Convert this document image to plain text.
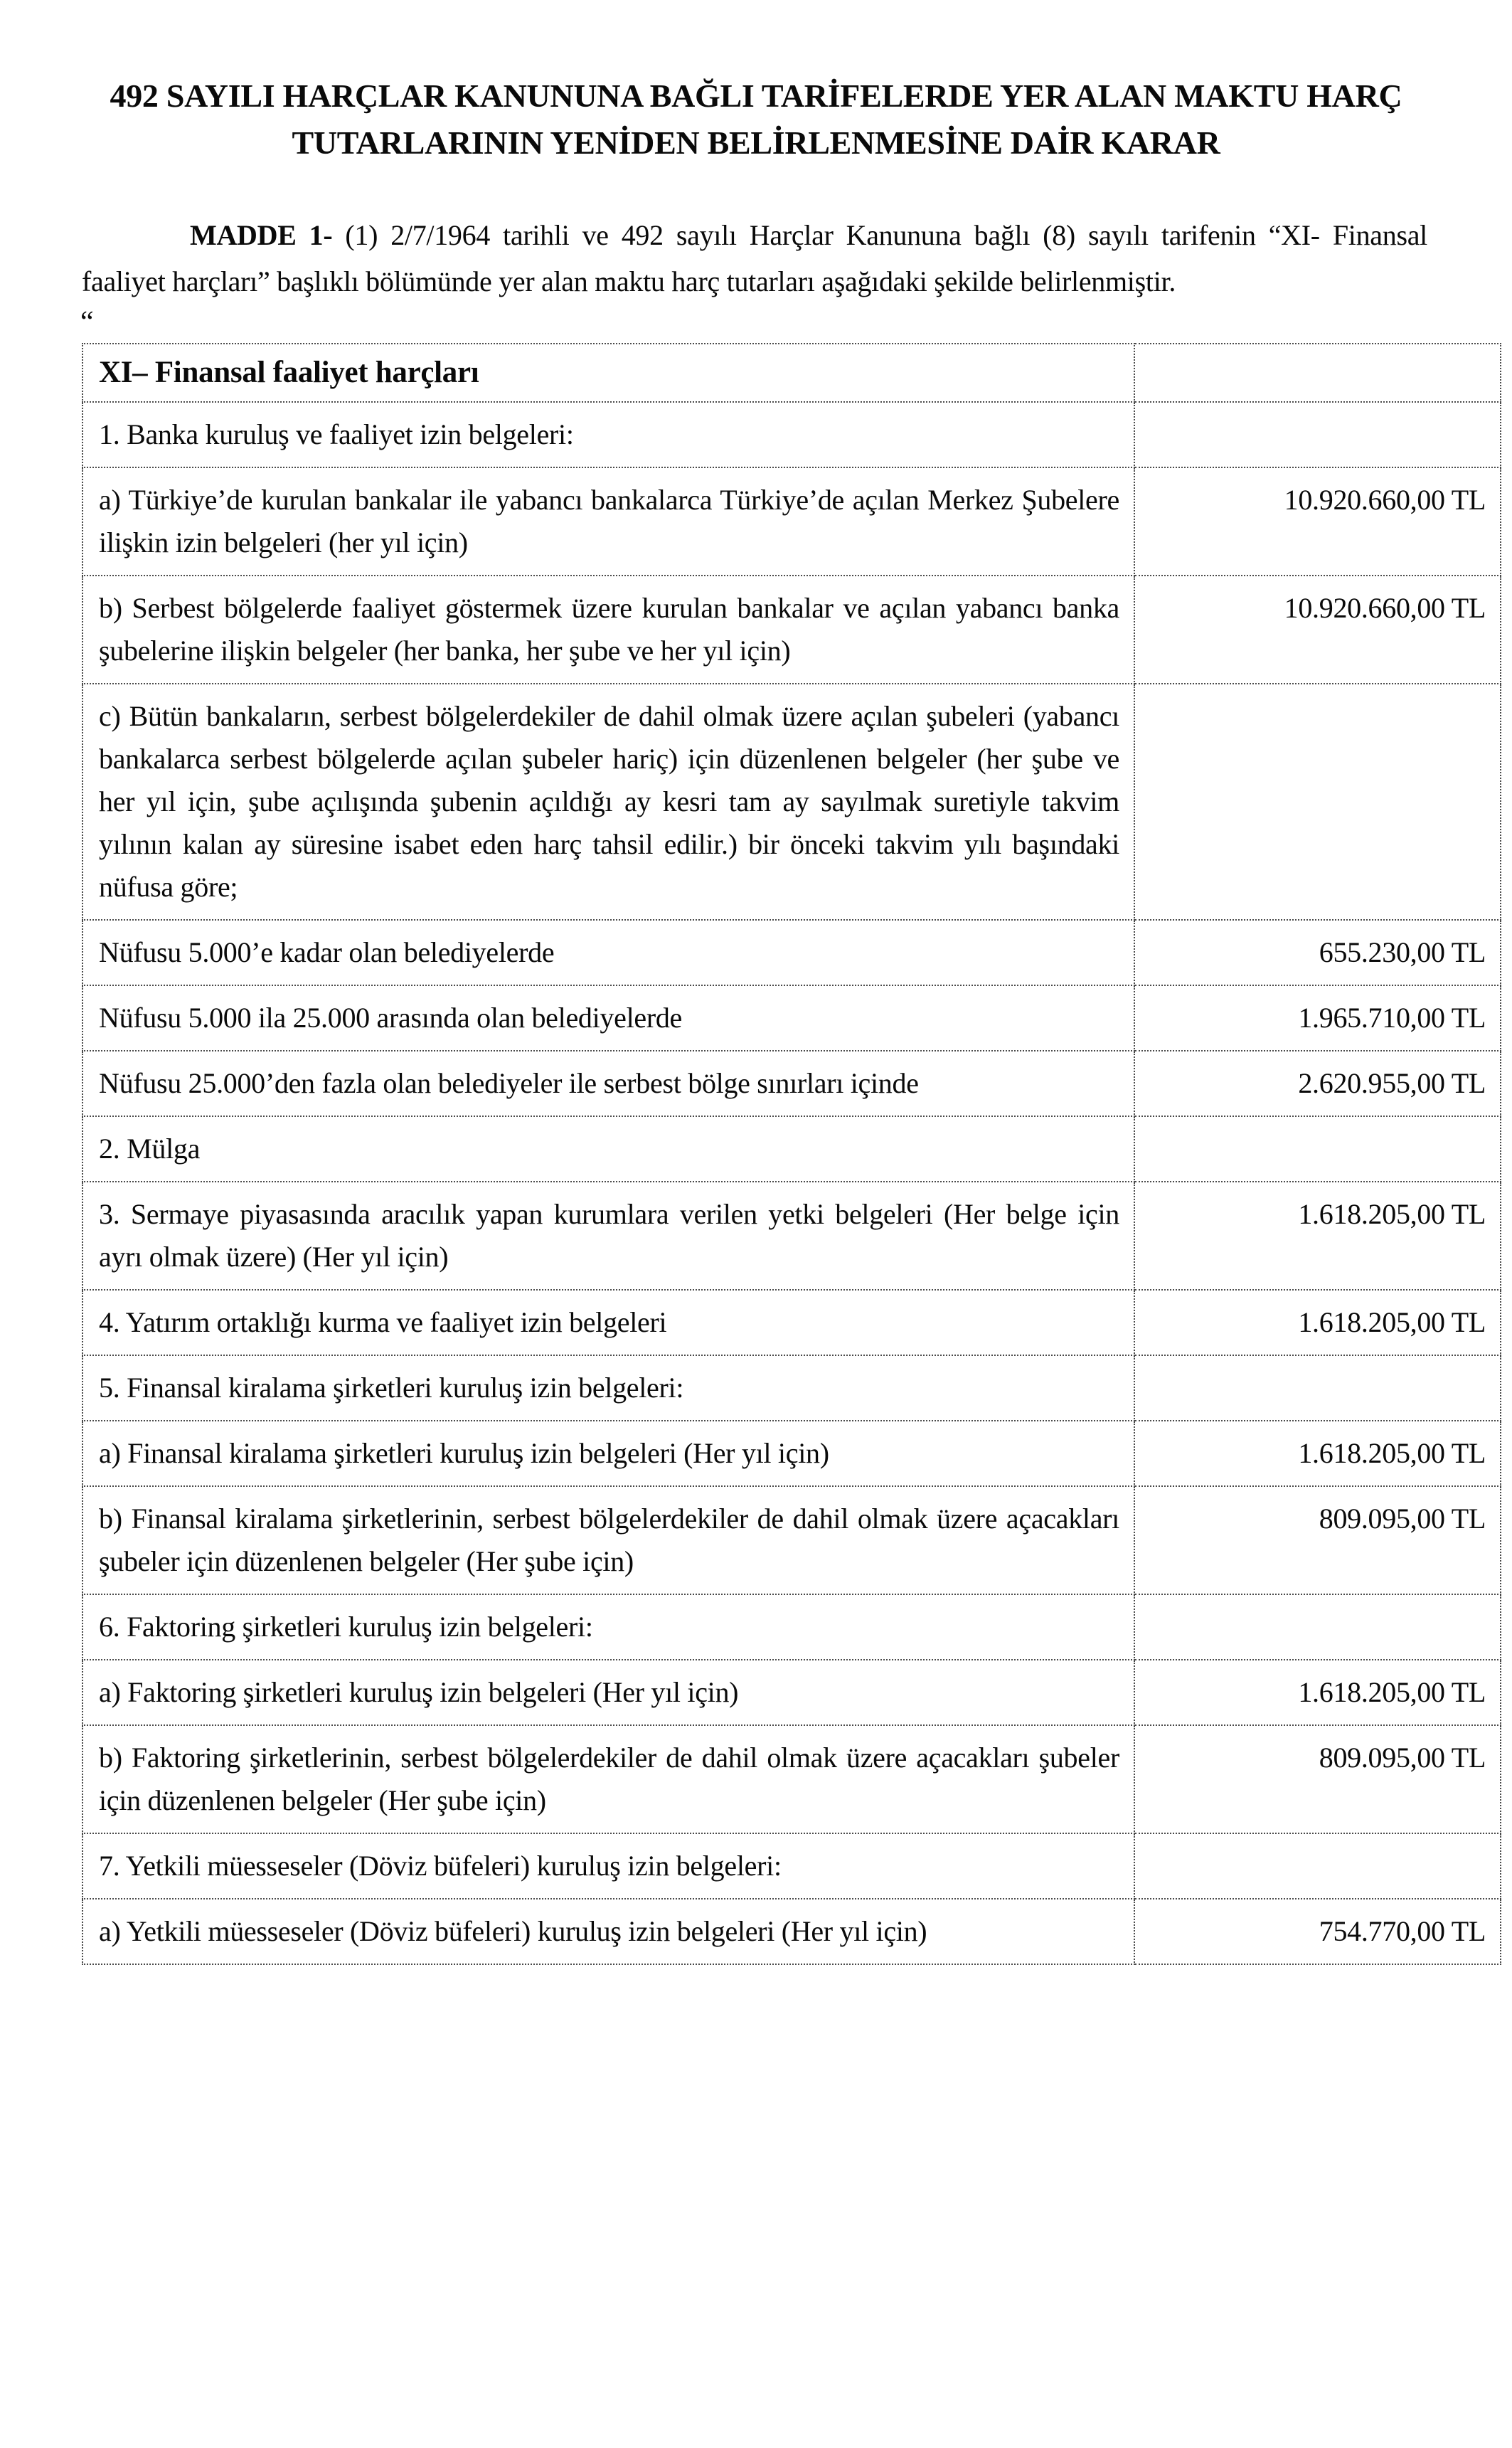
492 SAYILI HARÇLAR KANUNUNA BAĞLI TARİFELERDE YER ALAN MAKTU HARÇ TUTARLARININ YENİDEN BELİRLENMESİNE DAİR KARAR

MADDE 1- (1) 2/7/1964 tarihli ve 492 sayılı Harçlar Kanununa bağlı (8) sayılı tarifenin “XI- Finansal faaliyet harçları” başlıklı bölümünde yer alan maktu harç tutarları aşağıdaki şekilde belirlenmiştir.

“
XI– Finansal faaliyet harçları	
1. Banka kuruluş ve faaliyet izin belgeleri:	
a) Türkiye’de kurulan bankalar ile yabancı bankalarca Türkiye’de açılan Merkez Şubelere ilişkin izin belgeleri (her yıl için)	10.920.660,00 TL
b) Serbest bölgelerde faaliyet göstermek üzere kurulan bankalar ve açılan yabancı banka şubelerine ilişkin belgeler (her banka, her şube ve her yıl için)	10.920.660,00 TL
c) Bütün bankaların, serbest bölgelerdekiler de dahil olmak üzere açılan şubeleri (yabancı bankalarca serbest bölgelerde açılan şubeler hariç) için düzenlenen belgeler (her şube ve her yıl için, şube açılışında şubenin açıldığı ay kesri tam ay sayılmak suretiyle takvim yılının kalan ay süresine isabet eden harç tahsil edilir.) bir önceki takvim yılı başındaki nüfusa göre;	
Nüfusu 5.000’e kadar olan belediyelerde	655.230,00 TL
Nüfusu 5.000 ila 25.000 arasında olan belediyelerde	1.965.710,00 TL
Nüfusu 25.000’den fazla olan belediyeler ile serbest bölge sınırları içinde	2.620.955,00 TL
2. Mülga	
3. Sermaye piyasasında aracılık yapan kurumlara verilen yetki belgeleri (Her belge için ayrı olmak üzere) (Her yıl için)	1.618.205,00 TL
4. Yatırım ortaklığı kurma ve faaliyet izin belgeleri	1.618.205,00 TL
5. Finansal kiralama şirketleri kuruluş izin belgeleri:	
a) Finansal kiralama şirketleri kuruluş izin belgeleri (Her yıl için)	1.618.205,00 TL
b) Finansal kiralama şirketlerinin, serbest bölgelerdekiler de dahil olmak üzere açacakları şubeler için düzenlenen belgeler (Her şube için)	809.095,00 TL
6. Faktoring şirketleri kuruluş izin belgeleri:	
a) Faktoring şirketleri kuruluş izin belgeleri (Her yıl için)	1.618.205,00 TL
b) Faktoring şirketlerinin, serbest bölgelerdekiler de dahil olmak üzere açacakları şubeler için düzenlenen belgeler (Her şube için)	809.095,00 TL
7. Yetkili müesseseler (Döviz büfeleri) kuruluş izin belgeleri:	
a) Yetkili müesseseler (Döviz büfeleri) kuruluş izin belgeleri (Her yıl için)	754.770,00 TL
